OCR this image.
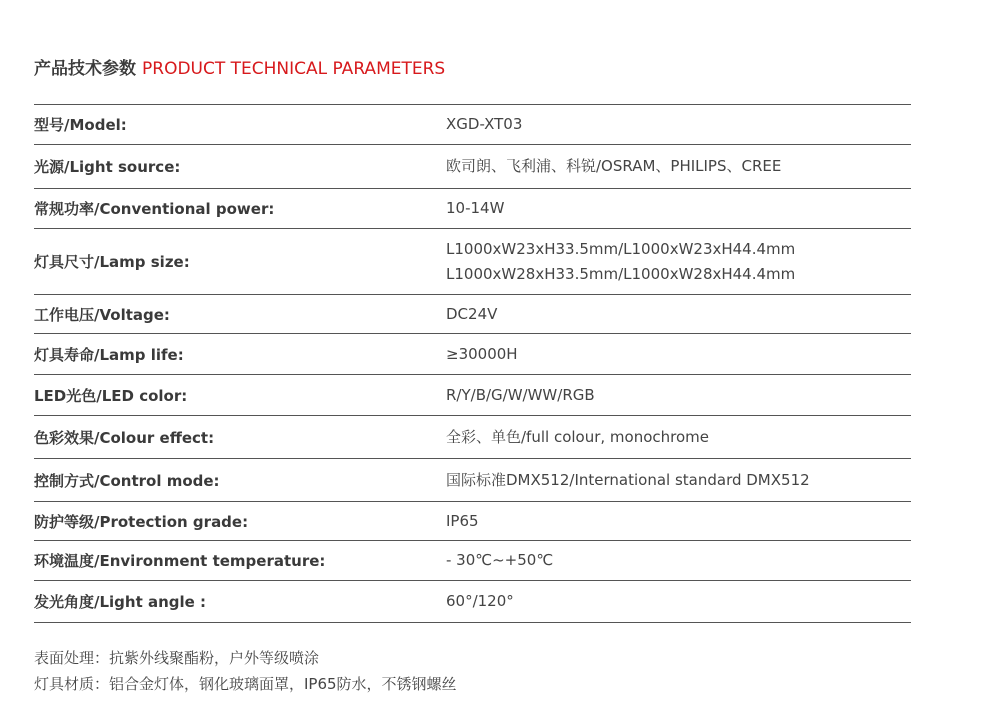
产品技术参数 PRODUCT TECHNICAL PARAMETERS
型号/Model:	XGD-XT03
光源/Light source:	欧司朗、飞利浦、科锐/OSRAM、PHILIPS、CREE
常规功率/Conventional power:	10-14W
灯具尺寸/Lamp size:
L1000xW23xH33.5mm/L1000xW23xH44.4mm
L1000xW28xH33.5mm/L1000xW28xH44.4mm
工作电压/Voltage:	DC24V
灯具寿命/Lamp life:	≥30000H
LED光色/LED color:	R/Y/B/G/W/WW/RGB
色彩效果/Colour effect:	全彩、单色/full colour, monochrome
控制方式/Control mode:	国际标准DMX512/International standard DMX512
防护等级/Protection grade:	IP65
环境温度/Environment temperature:	- 30℃~+50℃
发光角度/Light angle :	60°/120°
表面处理：抗紫外线聚酯粉，户外等级喷涂
灯具材质：铝合金灯体，钢化玻璃面罩，IP65防水，不锈钢螺丝
